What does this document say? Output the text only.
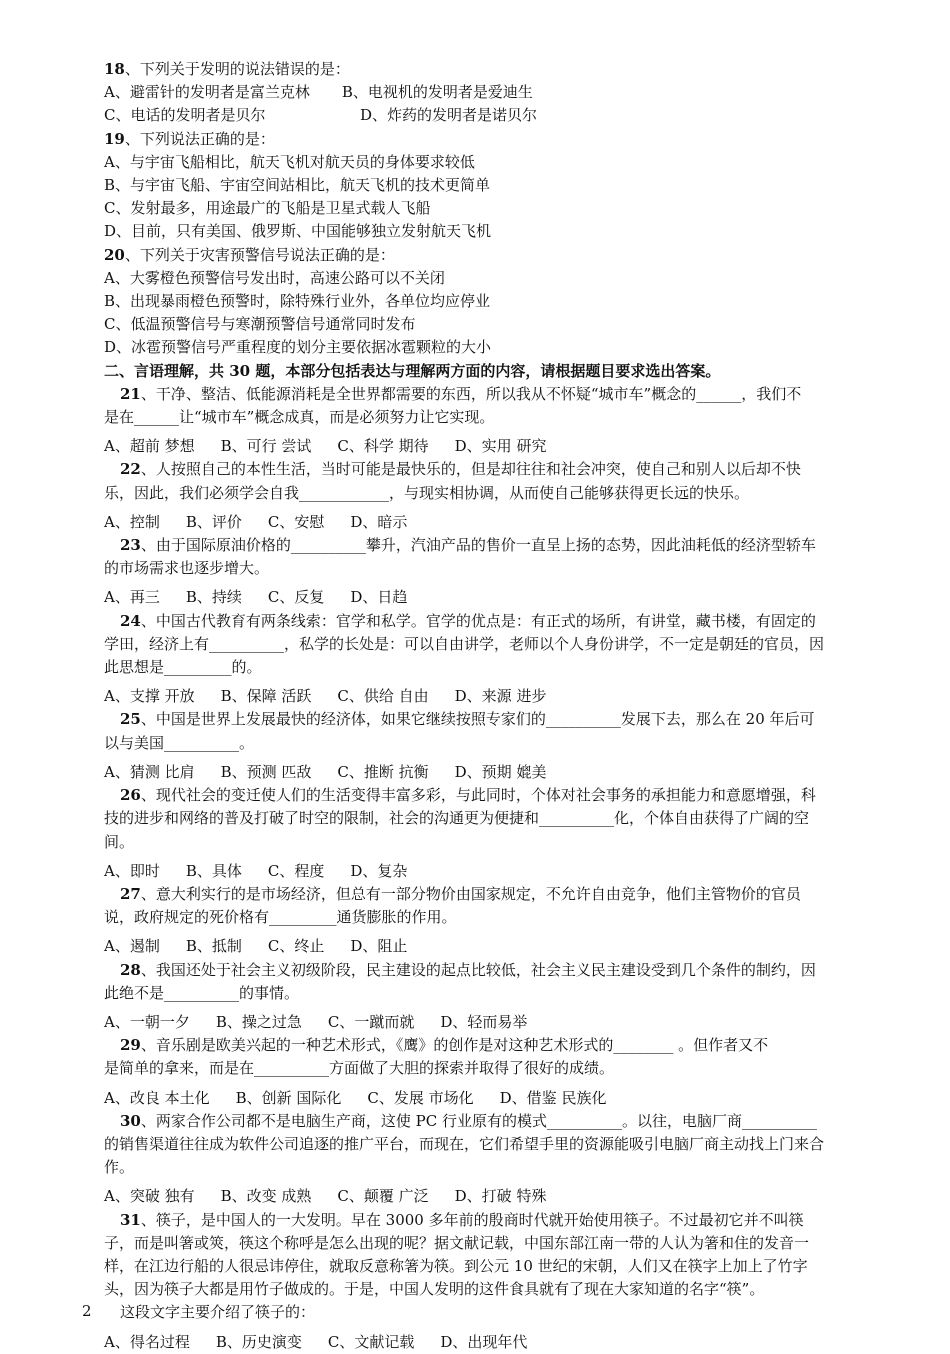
18、下列关于发明的说法错误的是：
A、避雷针的发明者是富兰克林 B、电视机的发明者是爱迪生
C、电话的发明者是贝尔	D、炸药的发明者是诺贝尔
19、下列说法正确的是：
A、与宇宙飞船相比，航天飞机对航天员的身体要求较低
B、与宇宙飞船、宇宙空间站相比，航天飞机的技术更简单
C、发射最多，用途最广的飞船是卫星式载人飞船
D、目前，只有美国、俄罗斯、中国能够独立发射航天飞机
20、下列关于灾害预警信号说法正确的是：
A、大雾橙色预警信号发出时，高速公路可以不关闭
B、出现暴雨橙色预警时，除特殊行业外，各单位均应停业
C、低温预警信号与寒潮预警信号通常同时发布
D、冰雹预警信号严重程度的划分主要依据冰雹颗粒的大小
二、言语理解，共 30 题，本部分包括表达与理解两方面的内容，请根据题目要求选出答案。
21、干净、整洁、低能源消耗是全世界都需要的东西，所以我从不怀疑“城市车”概念的______，我们不
是在______让“城市车”概念成真，而是必须努力让它实现。
A、超前 梦想 B、可行 尝试 C、科学 期待 D、实用 研究
22、人按照自己的本性生活，当时可能是最快乐的，但是却往往和社会冲突，使自己和别人以后却不快
乐，因此，我们必须学会自我____________，与现实相协调，从而使自己能够获得更长远的快乐。
A、控制 B、评价 C、安慰 D、暗示
23、由于国际原油价格的__________攀升，汽油产品的售价一直呈上扬的态势，因此油耗低的经济型轿车
的市场需求也逐步增大。
A、再三 B、持续 C、反复 D、日趋
24、中国古代教育有两条线索：官学和私学。官学的优点是：有正式的场所，有讲堂，藏书楼，有固定的
学田，经济上有__________，私学的长处是：可以自由讲学，老师以个人身份讲学，不一定是朝廷的官员，因
此思想是_________的。
A、支撑 开放 B、保障 活跃 C、供给 自由 D、来源 进步
25、中国是世界上发展最快的经济体，如果它继续按照专家们的__________发展下去，那么在 20 年后可
以与美国__________。
A、猜测 比肩 B、预测 匹敌 C、推断 抗衡 D、预期 媲美
26、现代社会的变迁使人们的生活变得丰富多彩，与此同时，个体对社会事务的承担能力和意愿增强，科
技的进步和网络的普及打破了时空的限制，社会的沟通更为便捷和__________化，个体自由获得了广阔的空
间。
A、即时 B、具体 C、程度 D、复杂
27、意大利实行的是市场经济，但总有一部分物价由国家规定，不允许自由竞争，他们主管物价的官员
说，政府规定的死价格有_________通货膨胀的作用。
A、遏制 B、抵制 C、终止 D、阻止
28、我国还处于社会主义初级阶段，民主建设的起点比较低，社会主义民主建设受到几个条件的制约，因
此绝不是__________的事情。
A、一朝一夕 B、操之过急 C、一蹴而就 D、轻而易举
29、音乐剧是欧美兴起的一种艺术形式，《鹰》的创作是对这种艺术形式的________ 。但作者又不
是简单的拿来，而是在__________方面做了大胆的探索并取得了很好的成绩。
A、改良 本土化 B、创新 国际化 C、发展 市场化 D、借鉴 民族化
30、两家合作公司都不是电脑生产商，这使 PC 行业原有的模式__________。以往，电脑厂商__________
的销售渠道往往成为软件公司追逐的推广平台，而现在，它们希望手里的资源能吸引电脑厂商主动找上门来合
作。
A、突破 独有 B、改变 成熟 C、颠覆 广泛 D、打破 特殊
31、筷子，是中国人的一大发明。早在 3000 多年前的殷商时代就开始使用筷子。不过最初它并不叫筷
子，而是叫箸或筴，筷这个称呼是怎么出现的呢？据文献记载，中国东部江南一带的人认为箸和住的发音一
样，在江边行船的人很忌讳停住，就取反意称箸为筷。到公元 10 世纪的宋朝，人们又在筷字上加上了竹字
头，因为筷子大都是用竹子做成的。于是，中国人发明的这件食具就有了现在大家知道的名字“筷”。
这段文字主要介绍了筷子的：
A、得名过程 B、历史演变 C、文献记载 D、出现年代
2
